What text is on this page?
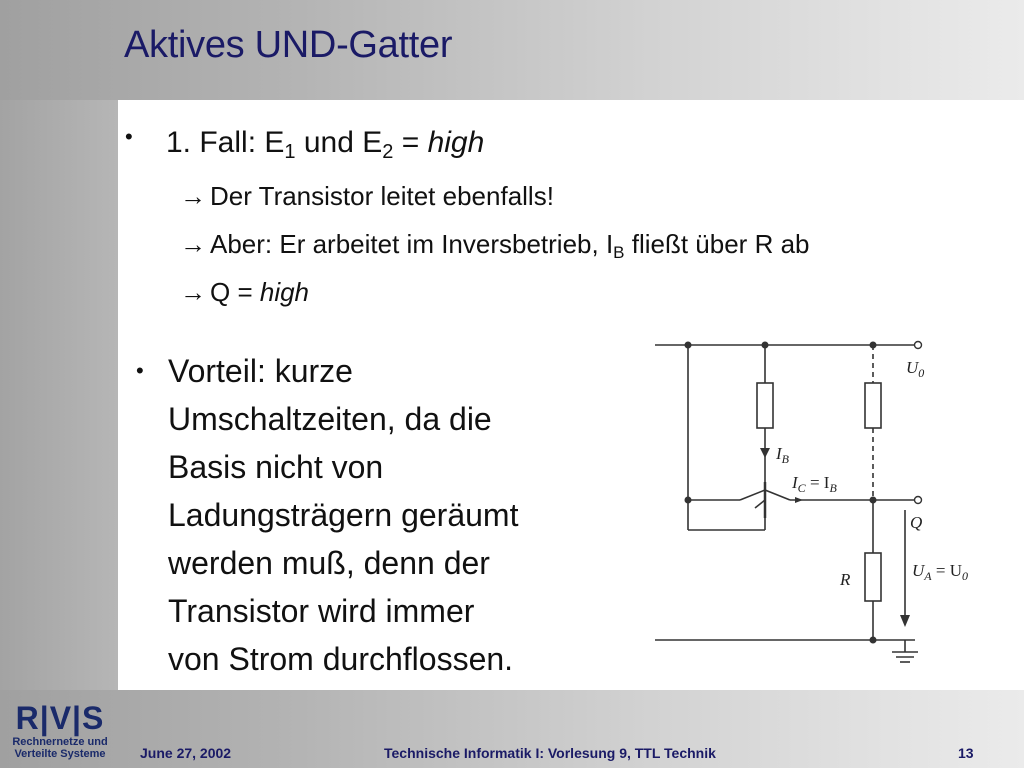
Aktives UND-Gatter
• 1. Fall: $E_1$ und $E_2$ = high
→ Der Transistor leitet ebenfalls!
→ Aber: Er arbeitet im Inversbetrieb, $I_B$ fließt über R ab
→ Q = high
• Vorteil: kurze
Umschaltzeiten, da die
Basis nicht von
Ladungsträgern geräumt
werden muß, denn der
Transistor wird immer
von Strom durchflossen.
$U_0$
$I_B$
$I_C = I_B$
Q
R	$U_A = U_0$
R|V|S
Rechnernetze und
Verteilte Systeme	June 27, 2002	Technische Informatik I: Vorlesung 9, TTL Technik	13
